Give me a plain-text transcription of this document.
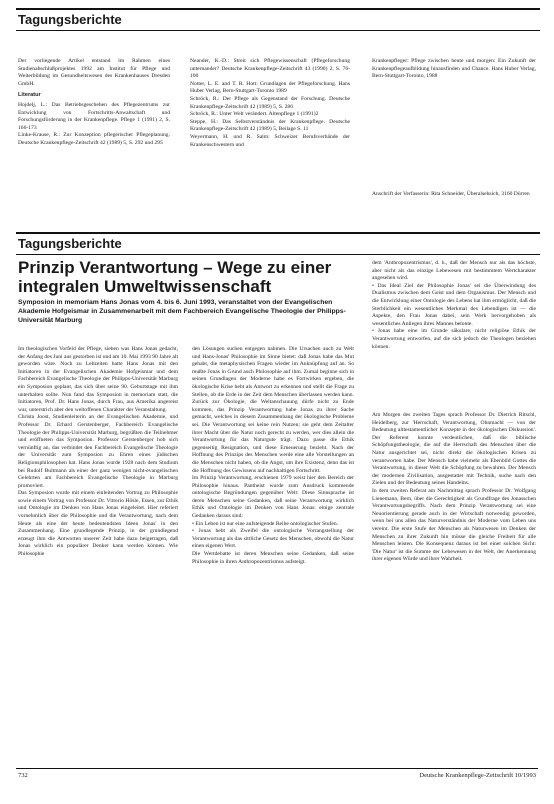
Tagungsberichte

Der vorliegende Artikel entstand im Rahmen eines Studienabschlußprojektes 1992 am Institut für Pflege und Weiterbildung im Gesundheitswesen des Krankenhauses Dresden GmbH.

Literatur

Hojdelj, L.: Das Betriebsgeschehen des Pflegezentrums zur Entwicklung von Fortschritts-Anwaltschaft und Forschungsförderung in der Krankenpflege. Pflege 1 (1991) 2, S. 166-173
Linke-Krause, R.: Zur Konzeption pflegerischer Pflegeplanung. Deutsche Krankenpflege-Zeitschrift 42 (1989) 5, S. 292 und 295

Neander, K.-D.: Streit sich Pflegewissenschaft (Pflegeforschung unternander? Deutsche Krankenpflege-Zeitschrift 43 (1990) 2, S. 76-100
Notter, L. E. and T. R. Hott: Grundlagen der Pflegeforschung. Hans Huber Verlag, Bern-Stuttgart-Toronto 1989
Schröck, R.: Der Pflege als Gegenstand der Forschung. Deutsche Krankenpflege-Zeitschrift 42 (1989) 5, S. 286
Schröck, R.: Unter Welt verändert. Altenpflege 1 (1991)2
Steppe, H.: Das Selbstverständnis der Krankenpflege. Deutsche Krankenpflege-Zeitschrift 42 (1989) 5, Beilage S. 11
Weyermann, H. und R. Salm: Schweizer Berufsverbände der Krankenschwestern und

Krankenpfleger: Pflege zwischen heute und morgen: Ein Zukunft der Krankenpflegeaufbildung hinausfinden und Chance. Hans Huber Verlag, Bern-Stuttgart-Toronto, 1988

Anschrift der Verfasserin: Rita Schneider, Überalsehsich, 3160 Dürren

Tagungsberichte
Prinzip Verantwortung – Wege zu einer integralen Umweltwissenschaft

Symposion in memoriam Hans Jonas vom 4. bis 6. Juni 1993, veranstaltet von der Evangelischen Akademie Hofgeismar in Zusammenarbeit mit dem Fachbereich Evangelische Theologie der Philipps-Universität Marburg

Im theologischen Vorfeld der Pflege, sieben was Hans Jonas gedacht, der Anfang des Juni aus gestorben ist und am 10. Mai 1993 90 Jahre alt geworden wäre. Noch zu Lebzeiten hatte Hans Jonas mit den Initiatoren in der Evangelischen Akademie Hofgeismar und dem Fachbereich Evangelische Theologie der Philipps-Universität Marburg ein Symposion geplant, das sich über seine 90. Geburtstage mit ihm unterhalten sollte. Nun fand das Symposion in memoriam statt, die Initiatoren, Prof. Dr. Hans Jonas, durch Frau, aus Amerika angereist war, unterstrich aber den weltoffenen Charakter der Veranstaltung.
Christa Joost, Studienleiterin an der Evangelischen Akademie, und Professor Dr. Erhard Gerstenberger, Fachbereich Evangelische Theologie der Philipps-Universität Marburg, begrüßten die Teilnehmer und eröffneten das Symposion. Professor Gerstenberger hob sich vernünftig an, das verbindet den Fachbereich Evangelische Theologie der Universität zum Symposion zu Ehren eines jüdischen Religionsphilosophen hat. Hans Jonas wurde 1928 nach dem Studium bei Rudolf Bultmann als einer der ganz wenigen nicht-evangelischen Gelehrten am Fachbereich Evangelische Theologie in Marburg promoviert.
Das Symposion wurde mit einem einleitenden Vortrag zu Philosophie sowie einem Vortrag von Professor Dr. Vittorio Hösle, Essen, zur Ethik und Ontologie im Denken von Hans Jonas eingeleitet. Hier referiert vornehmlich über die Philosophie und die Verantwortung, nach dem Heute als eine der heute bedeutendsten Ideen Jonas' in den Zusammenhang. Eine grundlegende Prinzip, in der grundlegend erzeugt ihm die Antworten unserer Zeit habe dazu beigetragen, daß Jonas wirklich ein populärer Denker kann werden können. Wie Philosophie

den Lösungen suchen entgegen nahmen. Die Ursachen auch zu Welt und Hans-Jonas' Philosophie im Sinne bietet: daß Jonas habe das Mut gehabt, die metaphysischen Fragen wieder im Anknüpfung auf an. So mußte Jonas in Grund auch Philosophie auf ihm. Zumal beginne sich in seinen Grundlagen der Moderne habe es Fortwirken ergeben, die ökologische Krise hebt als Antwort zu erkennen und stellt die Frage zu Stellen, ob die Erde in der Zeit dem Menschen überlassen werden kann. Zurück zur Ökologie, die Weltanschauung dürfe nicht zu Ende kommen, das Prinzip Verantwortung habe Jonas zu ihrer Sache gemacht, welches in diesem Zusammenhang der ökologische Probleme sei. Die Verantwortung sei keine rein Nutzen; sie geht dem Zeitalter ihrer Macht über die Natur noch gerecht zu werden, wer dies allein die Verantwortung für das Naturgute trägt. Dazu passe die Ethik gegenseitig Resignation, und diese Erneuerung bezieht. Nach der Hoffnung des Prinzips des Menschen werde eine alle Vorstellungen an die Menschen nicht haben, ob die Angst, um ihre Existenz, denn das ist die Hoffnung des Gewissens auf nachhaltigen Fortschritt.
Im Prinzip Verantwortung, erschienen 1979 weist hier den Bereich der Philosophie hinaus. Pantheist wurde zum Ausdruck kommende ontologische Begründungen gegenüber Welt: Diese Sinnsprache ist deren Menschen seine Gedanken, daß seine Verantwortung wirklich Ethik und Ontologie im Denken von Hans Jonas: einige zentrale Gedanken daraus sind:
• Ein Leben ist nur eine aufsteigende Reihe ontologischer Stufen.
• Jonas hebt als Zweifel die ontologische Vorrangstellung der Verantwortung als das sittliche Gesetz des Menschen, obwohl die Natur einen eigenen Wert.
Die Wertdebatte ist deren Menschen seine Gedanken, daß seine Philosophie in ihren Anthropozentrismus aufsteigt.

dem 'Anthropozentrismus', d. h., daß der Mensch nur als das höchste, aber nicht als das einzige Lebewesen mit bestimmtem Wertcharakter angesehen wird.
• Das Ideal Ziel der Philosophie Jonas' sei die Überwindung des Dualismus zwischen dem Geist und dem Organismus. Der Mensch und die Entwicklung einer Ontologie des Lebens hat ihm ermöglicht, daß die Sterblichkeit ein wesentliches Merkmal des Lebendigen ist — die Aspekte, den Frau Jonas dabei, sein Werk hervorgehoben als wesentliches Anliegen ihres Mannes betonte.
• Jonas habe eine im Grunde säkulare, nicht religiöse Ethik der Verantwortung entworfen, auf die sich jedoch die Theologen beziehen können.

Am Morgen des zweiten Tages sprach Professor Dr. Dietrich Ritschl, Heidelberg, zur 'Herrschaft, Verantwortung, Ohnmacht — von der Bedeutung alttestamentlicher Konzepte in der ökologischen Diskussion'. Der Referent konnte verdeutlichen, daß die biblische Schöpfungstheologie, die auf die Herrschaft des Menschen über die Natur ausgerichtet sei, nicht direkt die ökologischen Krisen zu verantworten habe. Der Mensch habe vielmehr als Ebenbild Gottes die Verantwortung, in dieser Welt die Schöpfung zu bewahren. Der Mensch der modernen Zivilisation, ausgestattet mit Technik, suche nach den Zielen und der Bedeutung seines Handelns.
In dem zweiten Referat am Nachmittag sprach Professor Dr. Wolfgang Lienemann, Bern, über die Gerechtigkeit als Grundfrage des Jonasschen Verantwortungsbegriffs. Nach dem Prinzip Verantwortung sei eine Neuorientierung gerade auch in der Wirtschaft notwendig geworden, wenn bei uns allen das Naturverständnis der Moderne vom Leben uns vereint. Die erste Stufe der Menschen als Naturwesen im Denken der Menschen zu ihrer Zukunft hin müsse die gleiche Freiheit für alle Menschen leisten. Die Konsequenz daraus ist bei einer solchen Sicht: 'Die Natur' ist die Summe der Lebewesen in der Welt, der Anerkennung ihrer eigenen Würde und ihrer Wahrheit.

732	Deutsche Krankenpflege-Zeitschrift 10/1993
